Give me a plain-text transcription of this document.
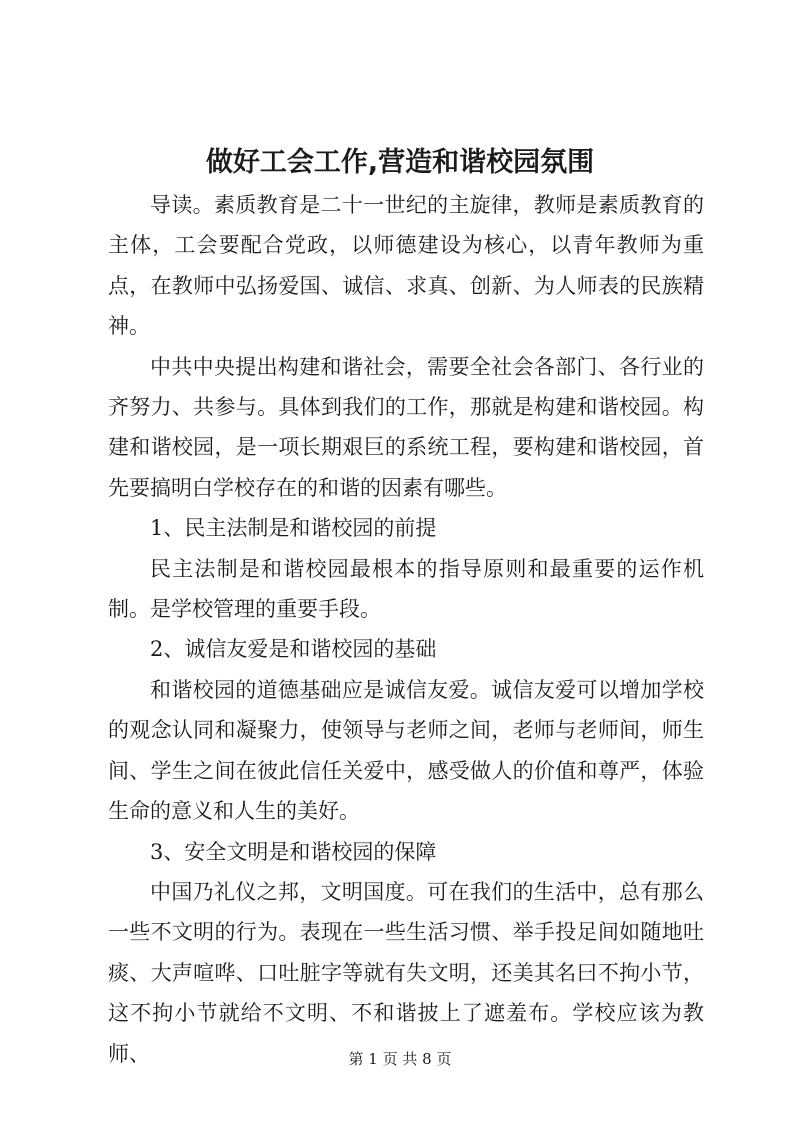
做好工会工作,营造和谐校园氛围

导读。素质教育是二十一世纪的主旋律，教师是素质教育的主体，工会要配合党政，以师德建设为核心，以青年教师为重点，在教师中弘扬爱国、诚信、求真、创新、为人师表的民族精神。

中共中央提出构建和谐社会，需要全社会各部门、各行业的齐努力、共参与。具体到我们的工作，那就是构建和谐校园。构建和谐校园，是一项长期艰巨的系统工程，要构建和谐校园，首先要搞明白学校存在的和谐的因素有哪些。

1、民主法制是和谐校园的前提

民主法制是和谐校园最根本的指导原则和最重要的运作机制。是学校管理的重要手段。

2、诚信友爱是和谐校园的基础

和谐校园的道德基础应是诚信友爱。诚信友爱可以增加学校的观念认同和凝聚力，使领导与老师之间，老师与老师间，师生间、学生之间在彼此信任关爱中，感受做人的价值和尊严，体验生命的意义和人生的美好。

3、安全文明是和谐校园的保障

中国乃礼仪之邦，文明国度。可在我们的生活中，总有那么一些不文明的行为。表现在一些生活习惯、举手投足间如随地吐痰、大声喧哗、口吐脏字等就有失文明，还美其名曰不拘小节，这不拘小节就给不文明、不和谐披上了遮羞布。学校应该为教师、	第 1 页 共 8 页
